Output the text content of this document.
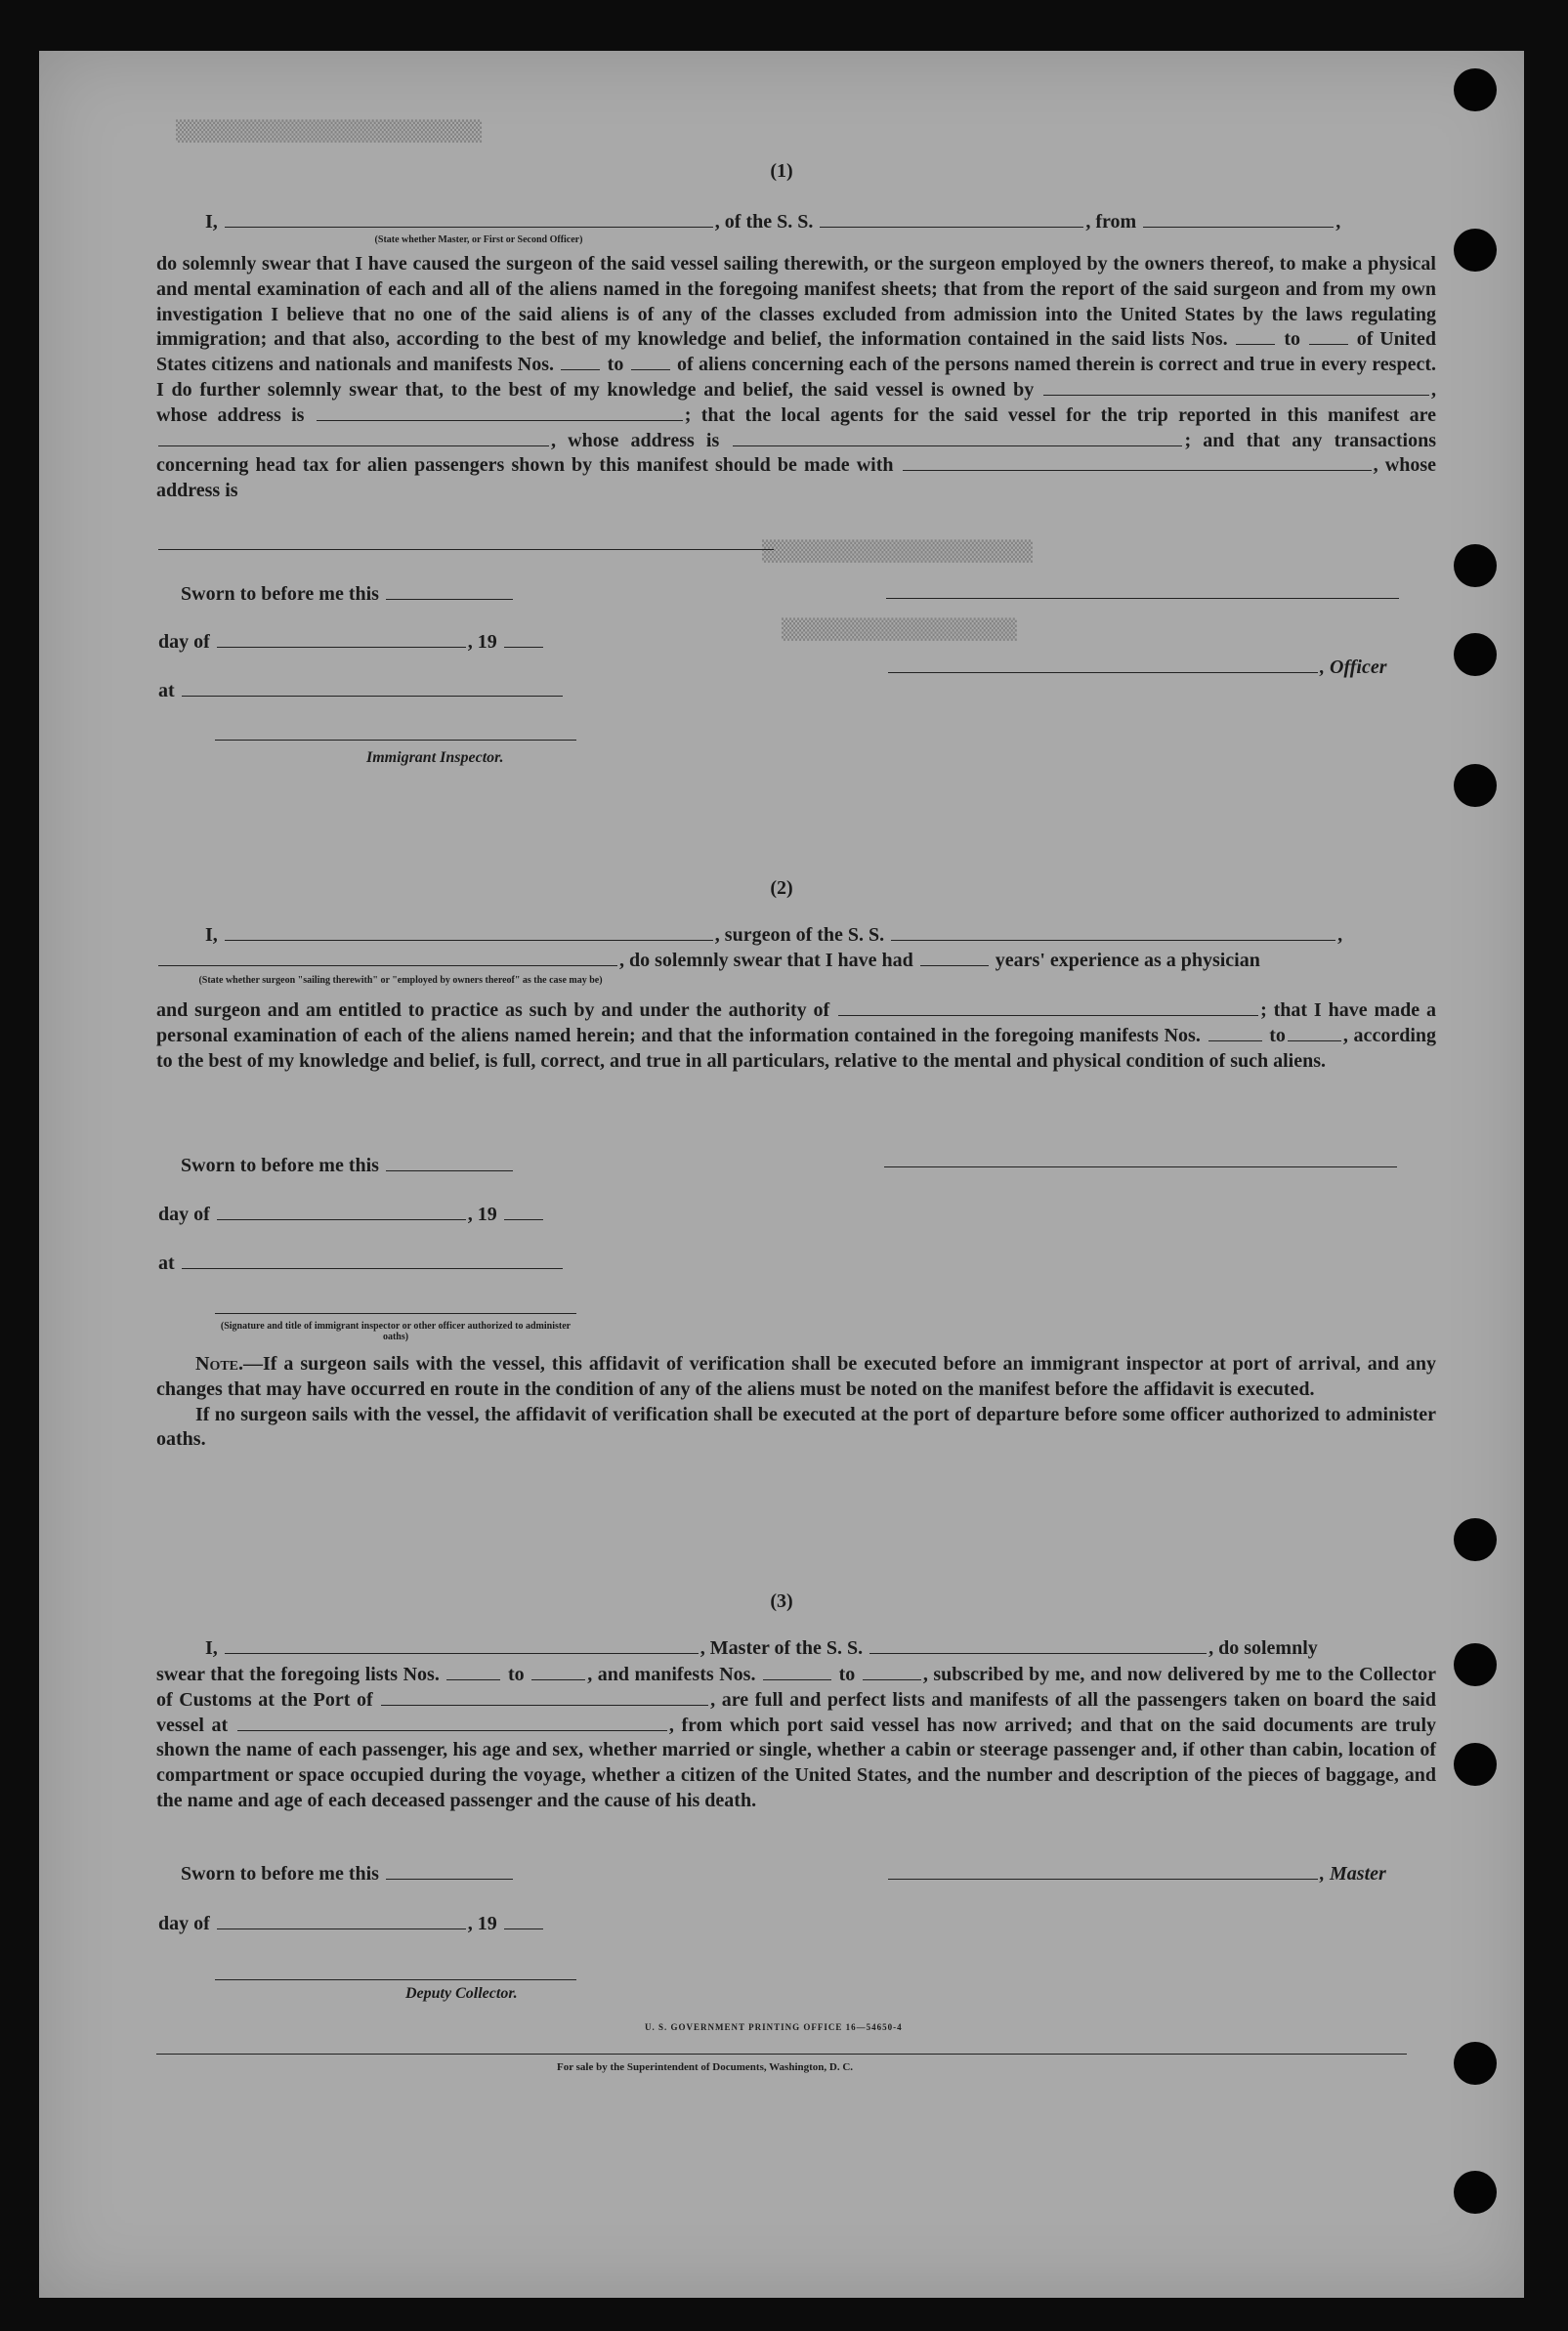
▒▒▒▒▒▒▒▒▒▒▒▒▒▒▒▒▒▒▒▒▒▒▒▒▒▒
▒▒▒▒▒▒▒▒▒▒▒▒▒▒▒▒▒▒▒▒▒▒▒
▒▒▒▒▒▒▒▒▒▒▒▒▒▒▒▒▒▒▒▒
(1)
I,	, of the S. S.	, from	,
(State whether Master, or First or Second Officer)

do solemnly swear that I have caused the surgeon of the said vessel sailing therewith, or the surgeon employed by the owners thereof, to make a physical and mental examination of each and all of the aliens named in the foregoing manifest sheets; that from the report of the said surgeon and from my own investigation I believe that no one of the said aliens is of any of the classes excluded from admission into the United States by the laws regulating immigration; and that also, according to the best of my knowledge and belief, the information contained in the said lists Nos.	to	of United States citizens and nationals and manifests Nos.	to	of aliens concerning each of the persons named therein is correct and true in every respect. I do further solemnly swear that, to the best of my knowledge and belief, the said vessel is owned by	, whose address is	; that the local agents for the said vessel for the trip reported in this manifest are , whose address is	; and that any transactions concerning head tax for alien passengers shown by this manifest should be made with	, whose address is

Sworn to before me this
day of	, 19
, Officer
at
Immigrant Inspector.
(2)
I,	, surgeon of the S. S.	,
, do solemnly swear that I have had	years' experience as a physician
(State whether surgeon "sailing therewith" or "employed by owners thereof" as the case may be)

and surgeon and am entitled to practice as such by and under the authority of	; that I have made a personal examination of each of the aliens named herein; and that the information contained in the foregoing manifests Nos.	to	, according to the best of my knowledge and belief, is full, correct, and true in all particulars, relative to the mental and physical condition of such aliens.

Sworn to before me this
day of	, 19
at
(Signature and title of immigrant inspector or other officer authorized to administer oaths)

Note.—If a surgeon sails with the vessel, this affidavit of verification shall be executed before an immigrant inspector at port of arrival, and any changes that may have occurred en route in the condition of any of the aliens must be noted on the manifest before the affidavit is executed.

If no surgeon sails with the vessel, the affidavit of verification shall be executed at the port of departure before some officer authorized to administer oaths.

(3)
I,	, Master of the S. S.	, do solemnly

swear that the foregoing lists Nos.	to	, and manifests Nos.	to	, subscribed by me, and now delivered by me to the Collector of Customs at the Port of	, are full and perfect lists and manifests of all the passengers taken on board the said vessel at	, from which port said vessel has now arrived; and that on the said documents are truly shown the name of each passenger, his age and sex, whether married or single, whether a cabin or steerage passenger and, if other than cabin, location of compartment or space occupied during the voyage, whether a citizen of the United States, and the number and description of the pieces of baggage, and the name and age of each deceased passenger and the cause of his death.

Sworn to before me this	, Master
day of	, 19
Deputy Collector.
U. S. GOVERNMENT PRINTING OFFICE 16—54650-4
For sale by the Superintendent of Documents, Washington, D. C.
